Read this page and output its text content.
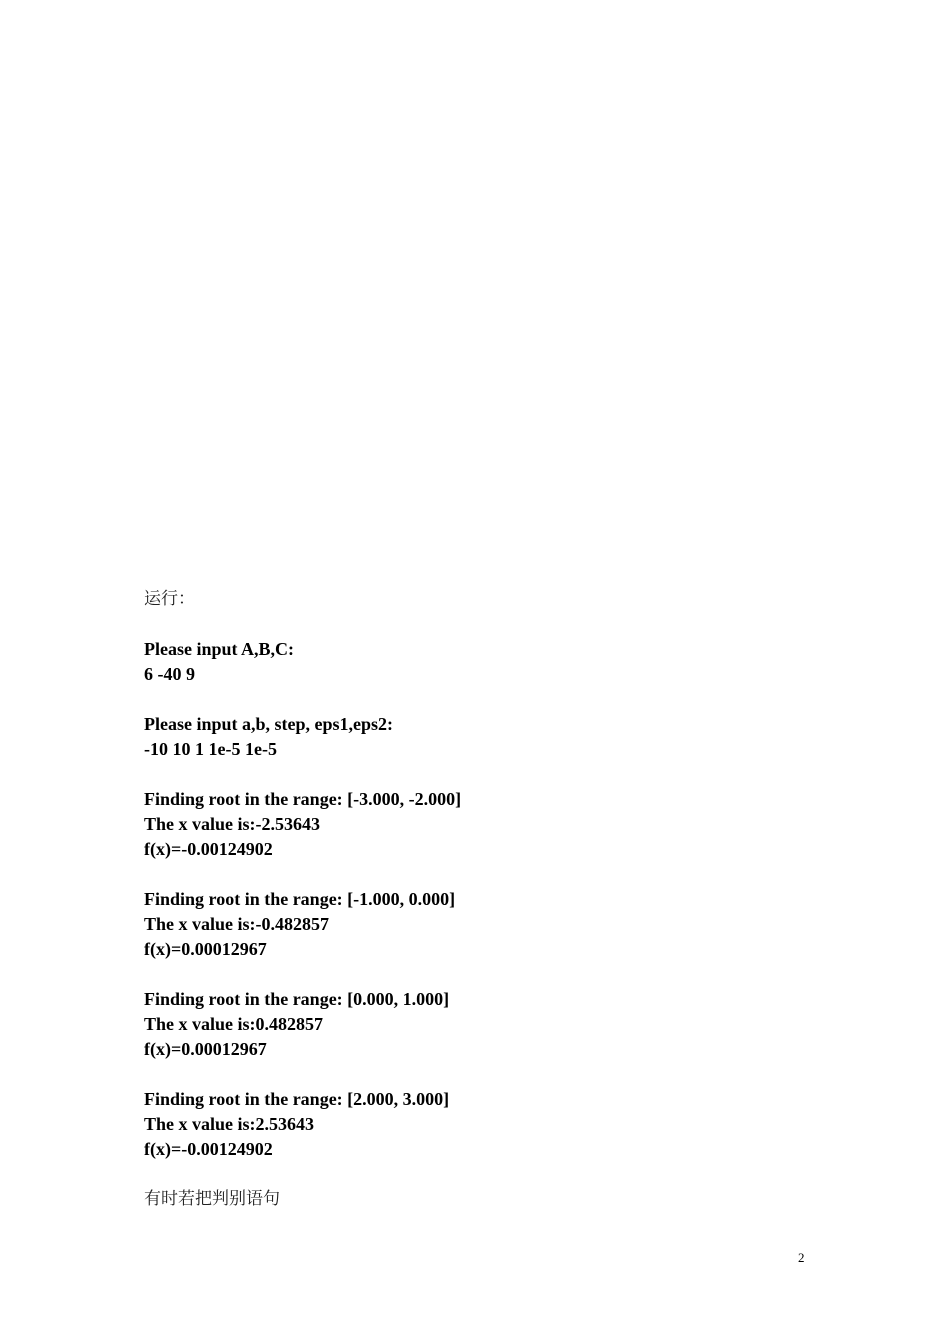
运行：
Please input A,B,C:
6 -40 9
Please input a,b, step, eps1,eps2:
-10 10 1 1e-5 1e-5
Finding root in the range: [-3.000, -2.000]
The x value is:-2.53643
f(x)=-0.00124902
Finding root in the range: [-1.000, 0.000]
The x value is:-0.482857
f(x)=0.00012967
Finding root in the range: [0.000, 1.000]
The x value is:0.482857
f(x)=0.00012967
Finding root in the range: [2.000, 3.000]
The x value is:2.53643
f(x)=-0.00124902
有时若把判别语句
2
